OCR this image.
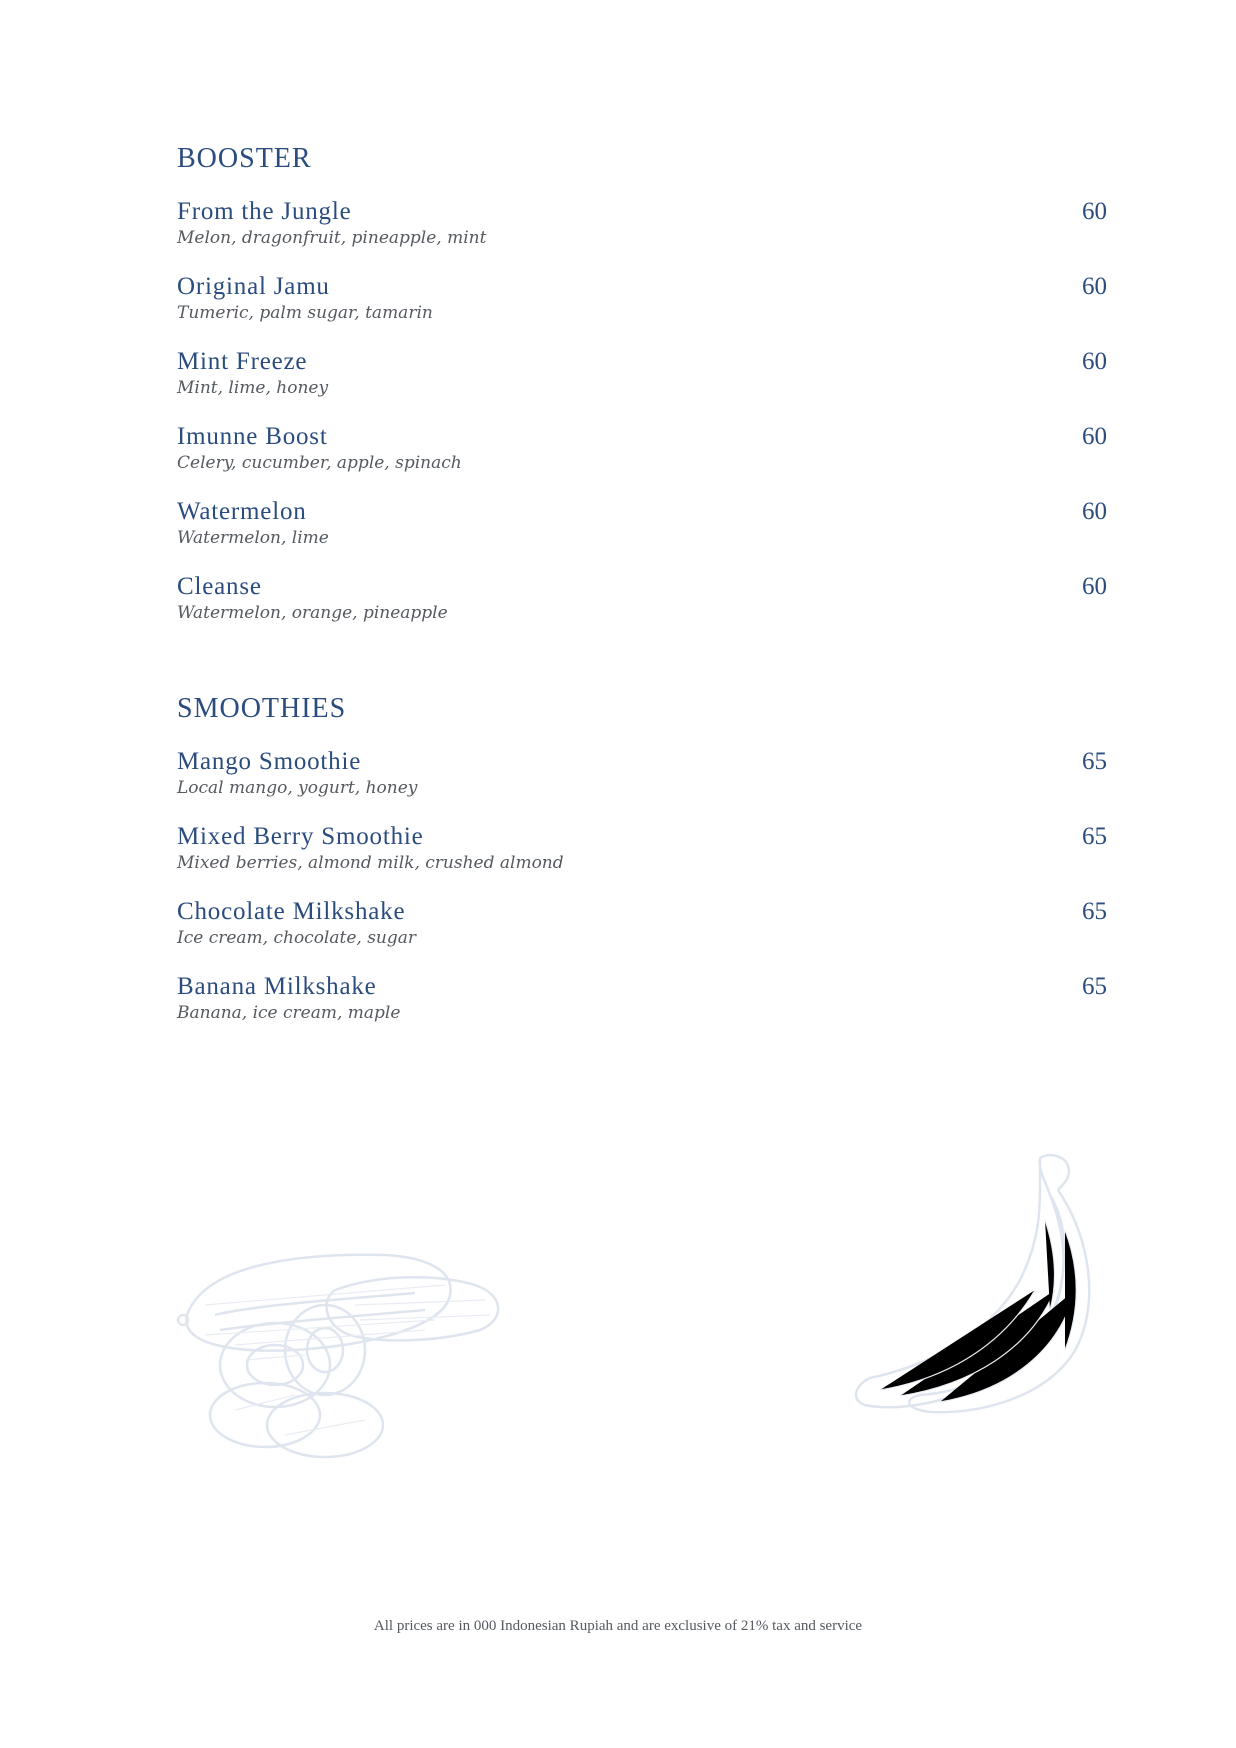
BOOSTER
From the Jungle	60
Melon, dragonfruit, pineapple, mint
Original Jamu	60
Tumeric, palm sugar, tamarin
Mint Freeze	60
Mint, lime, honey
Imunne Boost	60
Celery, cucumber, apple, spinach
Watermelon	60
Watermelon, lime
Cleanse	60
Watermelon, orange, pineapple
SMOOTHIES
Mango Smoothie	65
Local mango, yogurt, honey
Mixed Berry Smoothie	65
Mixed berries, almond milk, crushed almond
Chocolate Milkshake	65
Ice cream, chocolate, sugar
Banana Milkshake	65
Banana, ice cream, maple
All prices are in 000 Indonesian Rupiah and are exclusive of 21% tax and service
